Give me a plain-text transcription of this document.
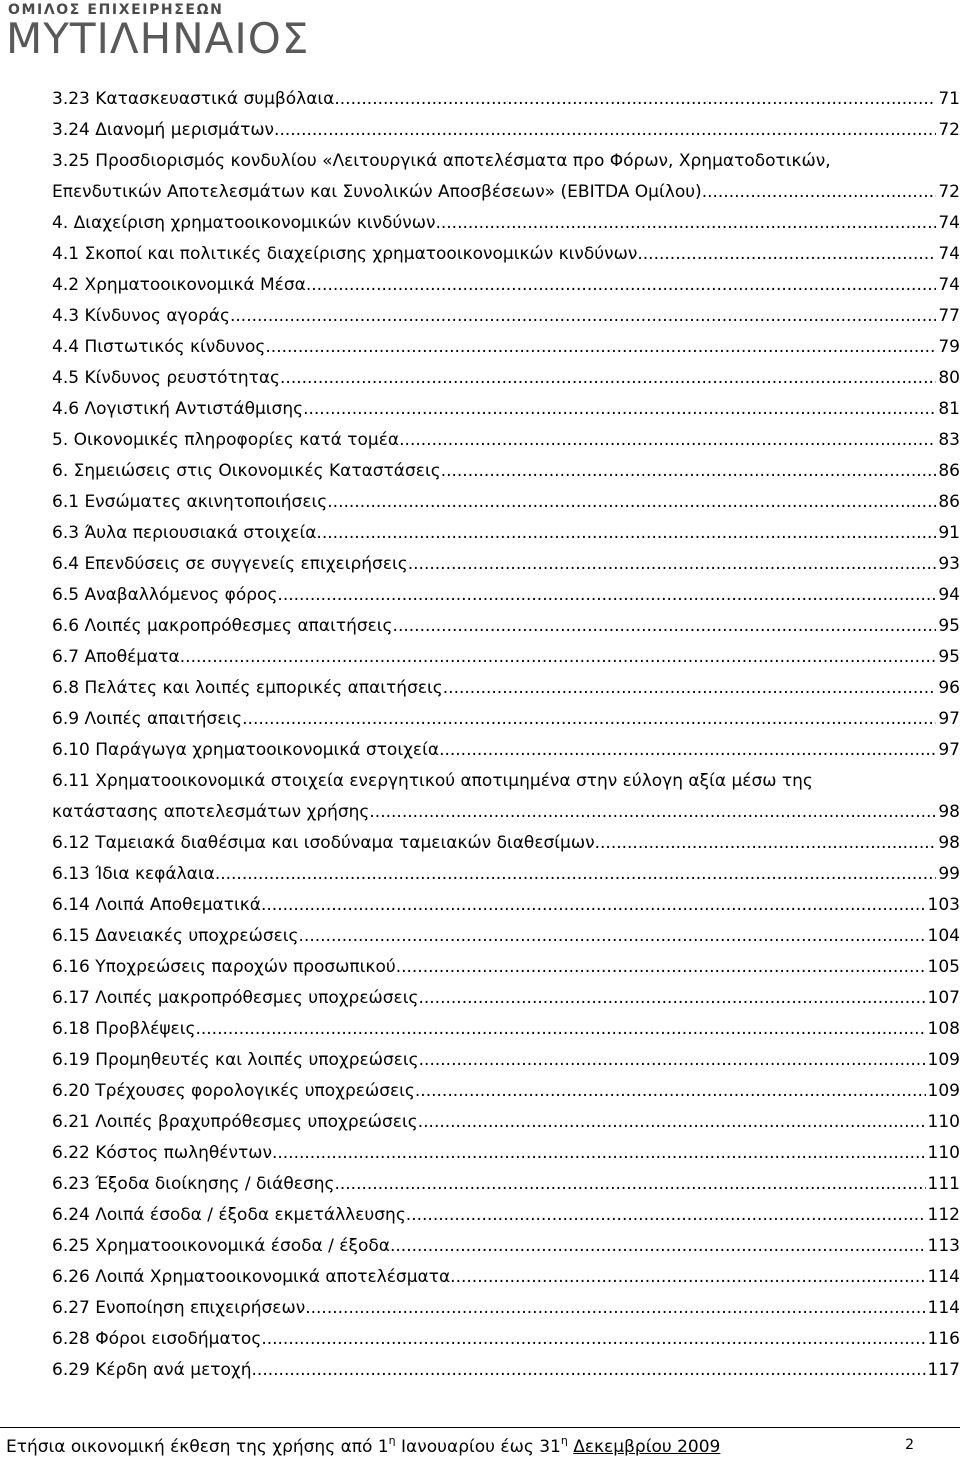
ΟΜΙΛΟΣ ΕΠΙΧΕΙΡΗΣΕΩΝ
ΜΥΤΙΛΗΝΑΙΟΣ
3.23 Κατασκευαστικά συμβόλαια .....	71
3.24 Διανομή μερισμάτων .....	72
3.25 Προσδιορισμός κονδυλίου «Λειτουργικά αποτελέσματα προ Φόρων, Χρηματοδοτικών,
Επενδυτικών Αποτελεσμάτων και Συνολικών Αποσβέσεων» (EBITDA Ομίλου) .....	72
4. Διαχείριση χρηματοοικονομικών κινδύνων .....	74
4.1 Σκοποί και πολιτικές διαχείρισης χρηματοοικονομικών κινδύνων .....	74
4.2 Χρηματοοικονομικά Μέσα .....	74
4.3 Κίνδυνος αγοράς .....	77
4.4 Πιστωτικός κίνδυνος .....	79
4.5 Κίνδυνος ρευστότητας .....	80
4.6 Λογιστική Αντιστάθμισης .....	81
5. Οικονομικές πληροφορίες κατά τομέα .....	83
6. Σημειώσεις στις Οικονομικές Καταστάσεις .....	86
6.1 Ενσώματες ακινητοποιήσεις .....	86
6.3 Άυλα περιουσιακά στοιχεία .....	91
6.4 Επενδύσεις σε συγγενείς επιχειρήσεις .....	93
6.5 Αναβαλλόμενος φόρος .....	94
6.6 Λοιπές μακροπρόθεσμες απαιτήσεις .....	95
6.7 Αποθέματα .....	95
6.8 Πελάτες και λοιπές εμπορικές απαιτήσεις .....	96
6.9 Λοιπές απαιτήσεις .....	97
6.10 Παράγωγα χρηματοοικονομικά στοιχεία .....	97
6.11 Χρηματοοικονομικά στοιχεία ενεργητικού αποτιμημένα στην εύλογη αξία μέσω της
κατάστασης αποτελεσμάτων χρήσης .....	98
6.12 Ταμειακά διαθέσιμα και ισοδύναμα ταμειακών διαθεσίμων .....	98
6.13 Ίδια κεφάλαια .....	99
6.14 Λοιπά Αποθεματικά .....	103
6.15 Δανειακές υποχρεώσεις .....	104
6.16 Υποχρεώσεις παροχών προσωπικού .....	105
6.17 Λοιπές μακροπρόθεσμες υποχρεώσεις .....	107
6.18 Προβλέψεις .....	108
6.19 Προμηθευτές και λοιπές υποχρεώσεις .....	109
6.20 Τρέχουσες φορολογικές υποχρεώσεις .....	109
6.21 Λοιπές βραχυπρόθεσμες υποχρεώσεις .....	110
6.22 Κόστος πωληθέντων .....	110
6.23 Έξοδα διοίκησης / διάθεσης .....	111
6.24 Λοιπά έσοδα / έξοδα εκμετάλλευσης .....	112
6.25 Χρηματοοικονομικά έσοδα / έξοδα .....	113
6.26 Λοιπά Χρηματοοικονομικά αποτελέσματα .....	114
6.27 Ενοποίηση επιχειρήσεων .....	114
6.28 Φόροι εισοδήματος .....	116
6.29 Κέρδη ανά μετοχή .....	117
Ετήσια οικονομική έκθεση της χρήσης από $1^\eta$ Ιανουαρίου έως $31^\eta$ Δεκεμβρίου 2009	2
